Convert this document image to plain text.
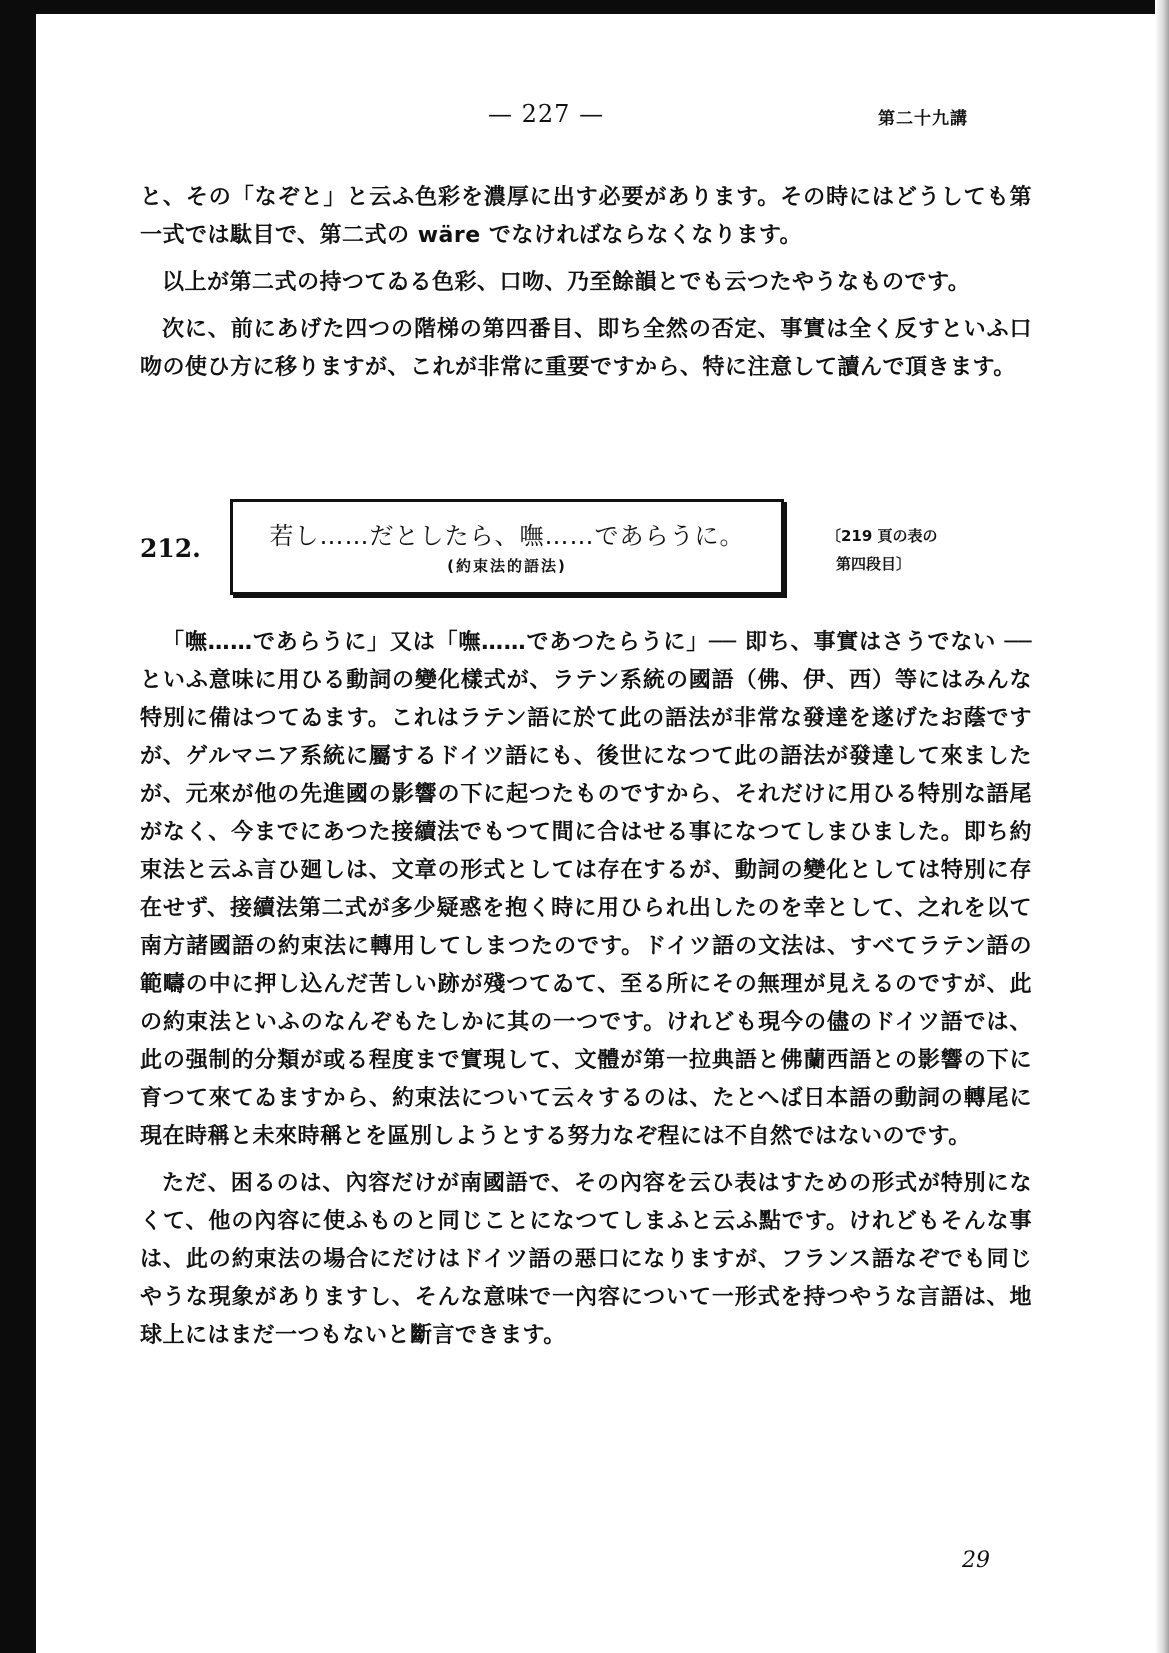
— 227 —	第二十九講

と、その「なぞと」と云ふ色彩を濃厚に出す必要があります。その時にはどうしても第一式では駄目で、第二式の wäre でなければならなくなります。

以上が第二式の持つてゐる色彩、口吻、乃至餘韻とでも云つたやうなものです。

次に、前にあげた四つの階梯の第四番目、即ち全然の否定、事實は全く反すといふ口吻の使ひ方に移りますが、これが非常に重要ですから、特に注意して讀んで頂きます。

212.	若し……だとしたら、嘸……であらうに。
(約束法的語法)
〔219 頁の表の
第四段目〕

「嘸……であらうに」又は「嘸……であつたらうに」── 即ち、事實はさうでない ── といふ意味に用ひる動詞の變化樣式が、ラテン系統の國語（佛、伊、西）等にはみんな特別に備はつてゐます。これはラテン語に於て此の語法が非常な發達を遂げたお蔭ですが、ゲルマニア系統に屬するドイツ語にも、後世になつて此の語法が發達して來ましたが、元來が他の先進國の影響の下に起つたものですから、それだけに用ひる特別な語尾がなく、今までにあつた接續法でもつて間に合はせる事になつてしまひました。即ち約束法と云ふ言ひ廻しは、文章の形式としては存在するが、動詞の變化としては特別に存在せず、接續法第二式が多少疑惑を抱く時に用ひられ出したのを幸として、之れを以て南方諸國語の約束法に轉用してしまつたのです。ドイツ語の文法は、すべてラテン語の範疇の中に押し込んだ苦しい跡が殘つてゐて、至る所にその無理が見えるのですが、此の約束法といふのなんぞもたしかに其の一つです。けれども現今の儘のドイツ語では、此の强制的分類が或る程度まで實現して、文體が第一拉典語と佛蘭西語との影響の下に育つて來てゐますから、約束法について云々するのは、たとへば日本語の動詞の轉尾に現在時稱と未來時稱とを區別しようとする努力なぞ程には不自然ではないのです。

ただ、困るのは、內容だけが南國語で、その內容を云ひ表はすための形式が特別になくて、他の內容に使ふものと同じことになつてしまふと云ふ點です。けれどもそんな事は、此の約束法の場合にだけはドイツ語の惡口になりますが、フランス語なぞでも同じやうな現象がありますし、そんな意味で一內容について一形式を持つやうな言語は、地球上にはまだ一つもないと斷言できます。

29
